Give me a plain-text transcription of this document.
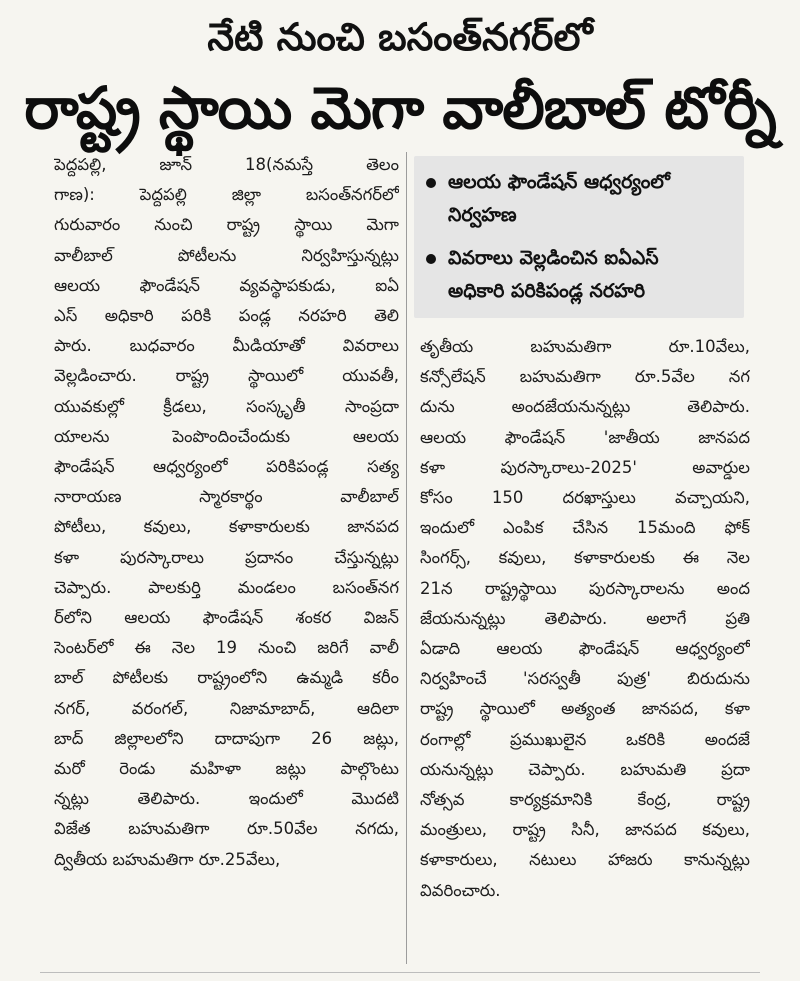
నేటి నుంచి బసంత్‌నగర్‌లో
రాష్ట్ర స్థాయి మెగా వాలీబాల్ టోర్నీ

పెద్దపల్లి, జూన్ 18(నమస్తే తెలం

గాణ): పెద్దపల్లి జిల్లా బసంత్‌నగర్‌లో

గురువారం నుంచి రాష్ట్ర స్థాయి మెగా

వాలీబాల్ పోటీలను నిర్వహిస్తున్నట్లు

ఆలయ ఫౌండేషన్ వ్యవస్థాపకుడు, ఐఏ

ఎస్ అధికారి పరికి పండ్ల నరహరి తెలి

పారు. బుధవారం మీడియాతో వివరాలు

వెల్లడించారు. రాష్ట్ర స్థాయిలో యువతీ,

యువకుల్లో క్రీడలు, సంస్కృతీ సాంప్రదా

యాలను పెంపొందించేందుకు ఆలయ

ఫౌండేషన్ ఆధ్వర్యంలో పరికిపండ్ల సత్య

నారాయణ స్మారకార్థం వాలీబాల్

పోటీలు, కవులు, కళాకారులకు జానపద

కళా పురస్కారాలు ప్రదానం చేస్తున్నట్లు

చెప్పారు. పాలకుర్తి మండలం బసంత్‌నగ

ర్‌లోని ఆలయ ఫౌండేషన్ శంకర విజన్

సెంటర్‌లో ఈ నెల 19 నుంచి జరిగే వాలీ

బాల్ పోటీలకు రాష్ట్రంలోని ఉమ్మడి కరీం

నగర్, వరంగల్, నిజామాబాద్, ఆదిలా

బాద్ జిల్లాలలోని దాదాపుగా 26 జట్లు,

మరో రెండు మహిళా జట్లు పాల్గొంటు

న్నట్లు తెలిపారు. ఇందులో మొదటి

విజేత బహుమతిగా రూ.50వేల నగదు,

ద్వితీయ బహుమతిగా రూ.25వేలు,

ఆలయ ఫౌండేషన్ ఆధ్వర్యంలో

నిర్వహణ

వివరాలు వెల్లడించిన ఐఏఎస్

అధికారి పరికిపండ్ల నరహరి

తృతీయ బహుమతిగా రూ.10వేలు,

కన్సోలేషన్ బహుమతిగా రూ.5వేల నగ

దును అందజేయనున్నట్లు తెలిపారు.

ఆలయ ఫౌండేషన్ 'జాతీయ జానపద

కళా పురస్కారాలు-2025' అవార్డుల

కోసం 150 దరఖాస్తులు వచ్చాయని,

ఇందులో ఎంపిక చేసిన 15మంది ఫోక్

సింగర్స్, కవులు, కళాకారులకు ఈ నెల

21న రాష్ట్రస్థాయి పురస్కారాలను అంద

జేయనున్నట్లు తెలిపారు. అలాగే ప్రతి

ఏడాది ఆలయ ఫౌండేషన్ ఆధ్వర్యంలో

నిర్వహించే 'సరస్వతీ పుత్ర' బిరుదును

రాష్ట్ర స్థాయిలో అత్యంత జానపద, కళా

రంగాల్లో ప్రముఖులైన ఒకరికి అందజే

యనున్నట్లు చెప్పారు. బహుమతి ప్రదా

నోత్సవ కార్యక్రమానికి కేంద్ర, రాష్ట్ర

మంత్రులు, రాష్ట్ర సినీ, జానపద కవులు,

కళాకారులు, నటులు హాజరు కానున్నట్లు

వివరించారు.
